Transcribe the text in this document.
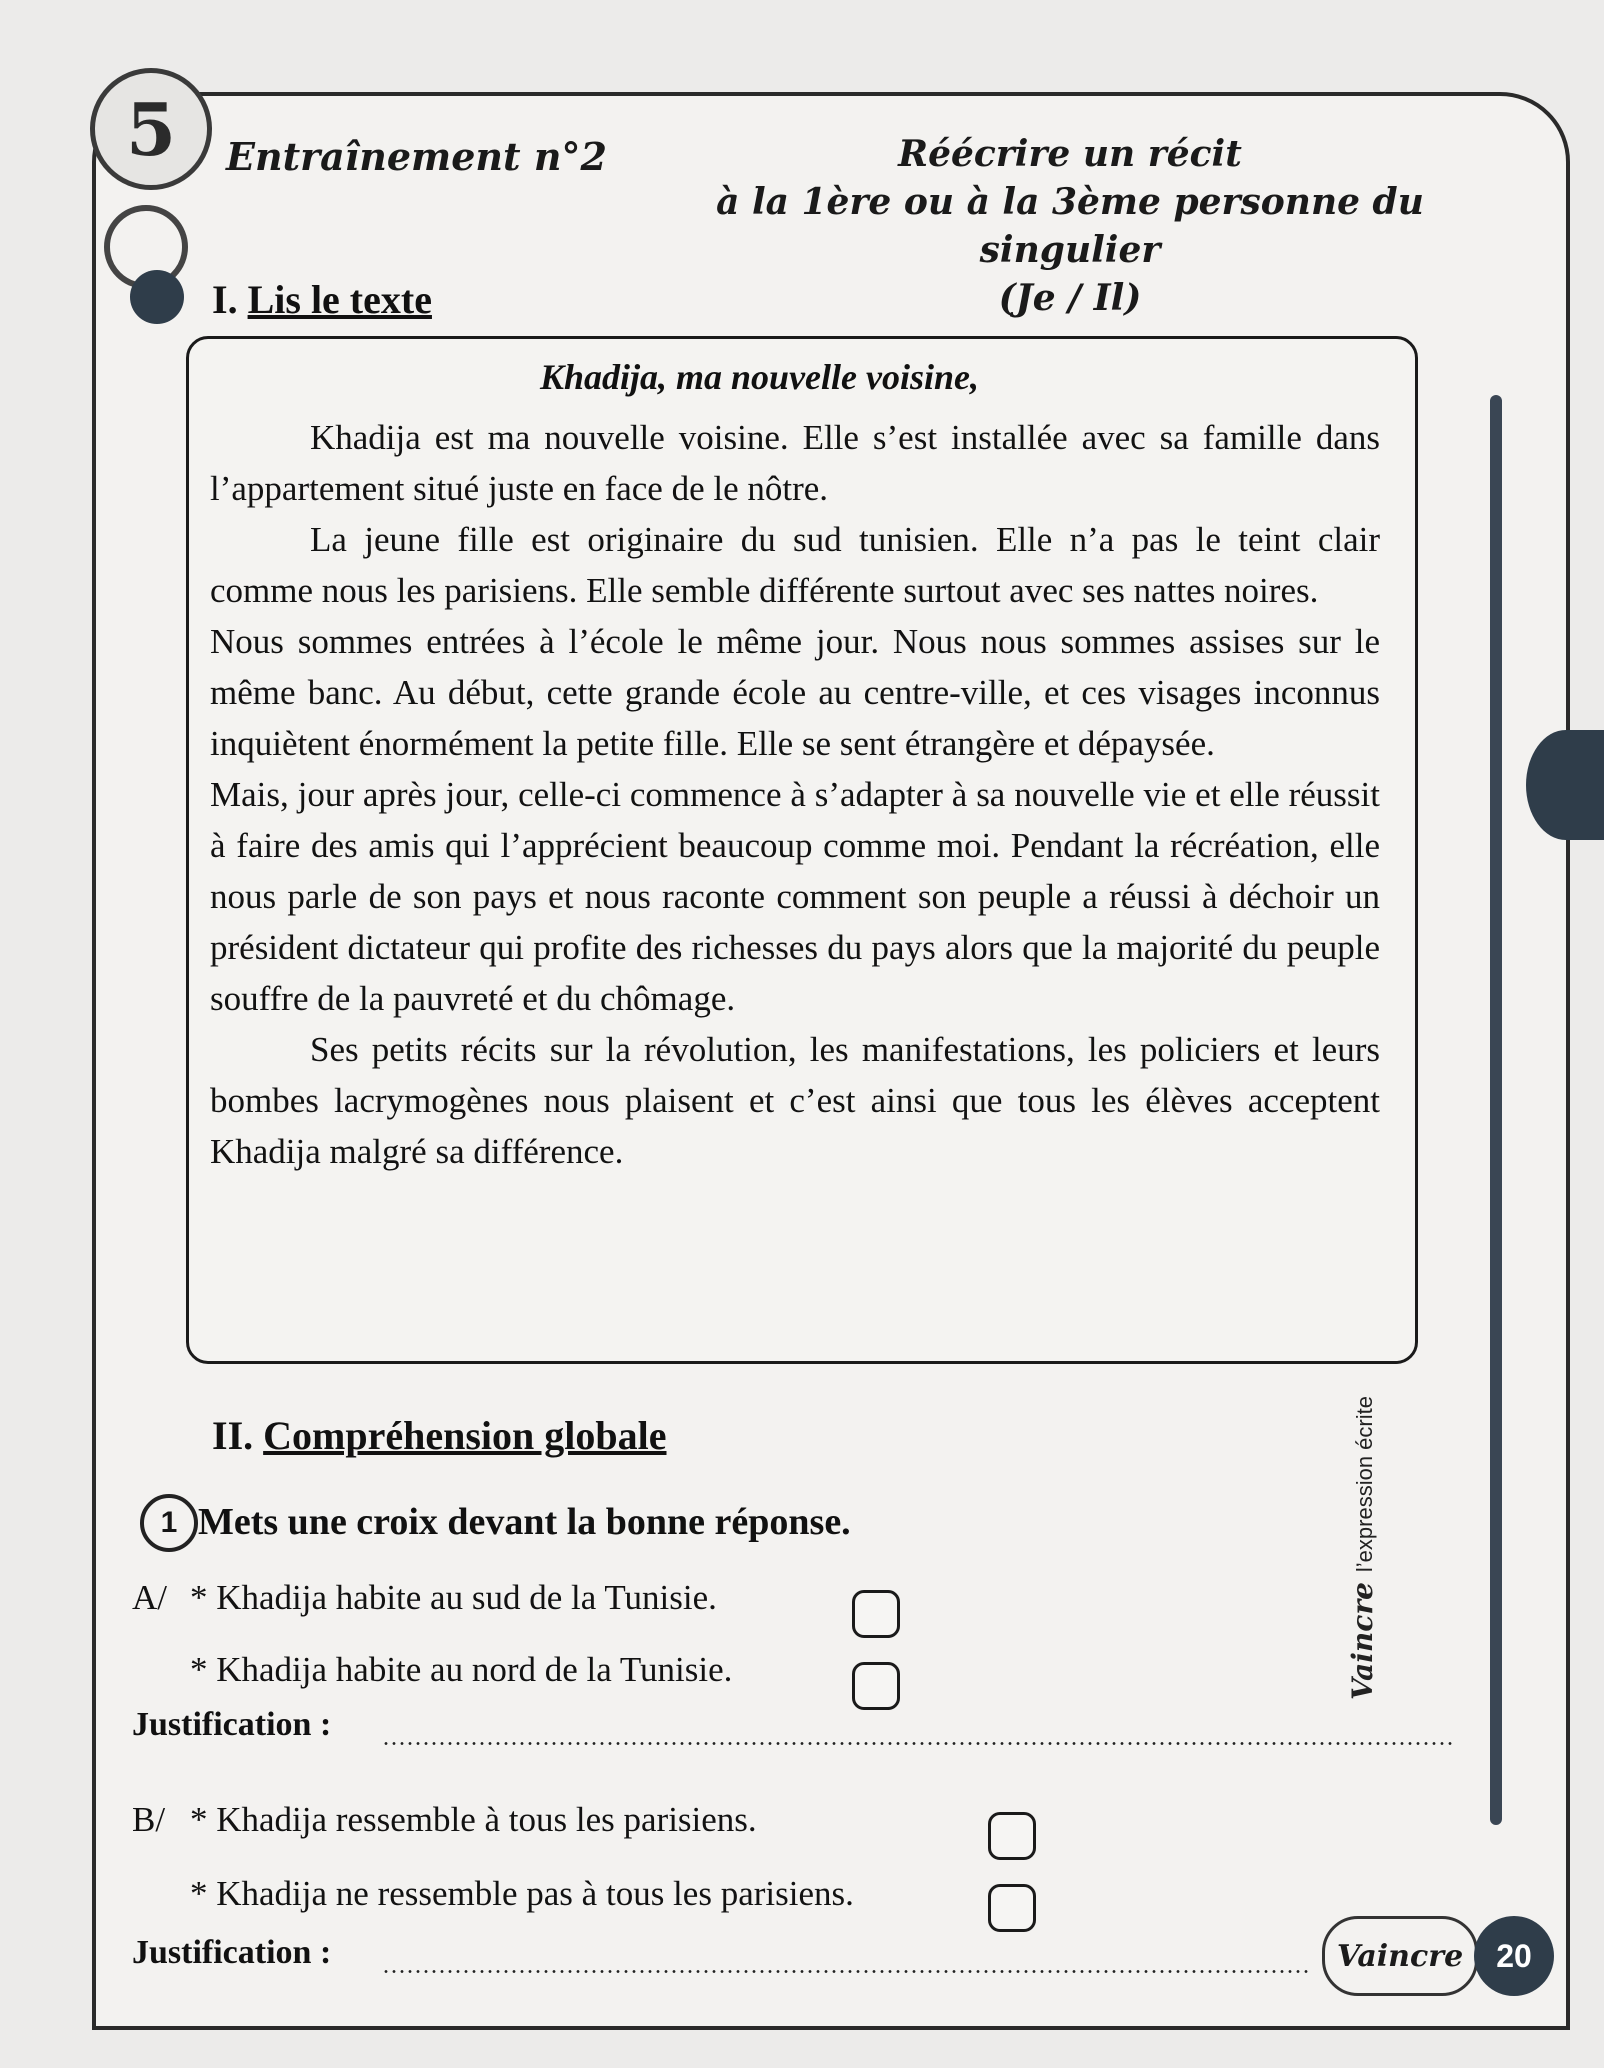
5	Entraînement n°2	Réécrire un récit
à la 1ère ou à la 3ème personne du singulier
(Je / Il)
I. Lis le texte
Khadija, ma nouvelle voisine,

Khadija est ma nouvelle voisine. Elle s’est installée avec sa famille dans l’appartement situé juste en face de le nôtre.

La jeune fille est originaire du sud tunisien. Elle n’a pas le teint clair comme nous les parisiens. Elle semble différente surtout avec ses nattes noires.

Nous sommes entrées à l’école le même jour. Nous nous sommes assises sur le même banc. Au début, cette grande école au centre-ville, et ces visages inconnus inquiètent énormément la petite fille. Elle se sent étrangère et dépaysée.

Mais, jour après jour, celle-ci commence à s’adapter à sa nouvelle vie et elle réussit à faire des amis qui l’apprécient beaucoup comme moi. Pendant la récréation, elle nous parle de son pays et nous raconte comment son peuple a réussi à déchoir un président dictateur qui profite des richesses du pays alors que la majorité du peuple souffre de la pauvreté et du chômage.

Ses petits récits sur la révolution, les manifestations, les policiers et leurs bombes lacrymogènes nous plaisent et c’est ainsi que tous les élèves acceptent Khadija malgré sa différence.

Vaincrel’expression écrite
II. Compréhension globale
1 Mets une croix devant la bonne réponse.
A/ * Khadija habite au sud de la Tunisie.
* Khadija habite au nord de la Tunisie.
Justification :
B/ * Khadija ressemble à tous les parisiens.
* Khadija ne ressemble pas à tous les parisiens.
Justification :	Vaincre	20
